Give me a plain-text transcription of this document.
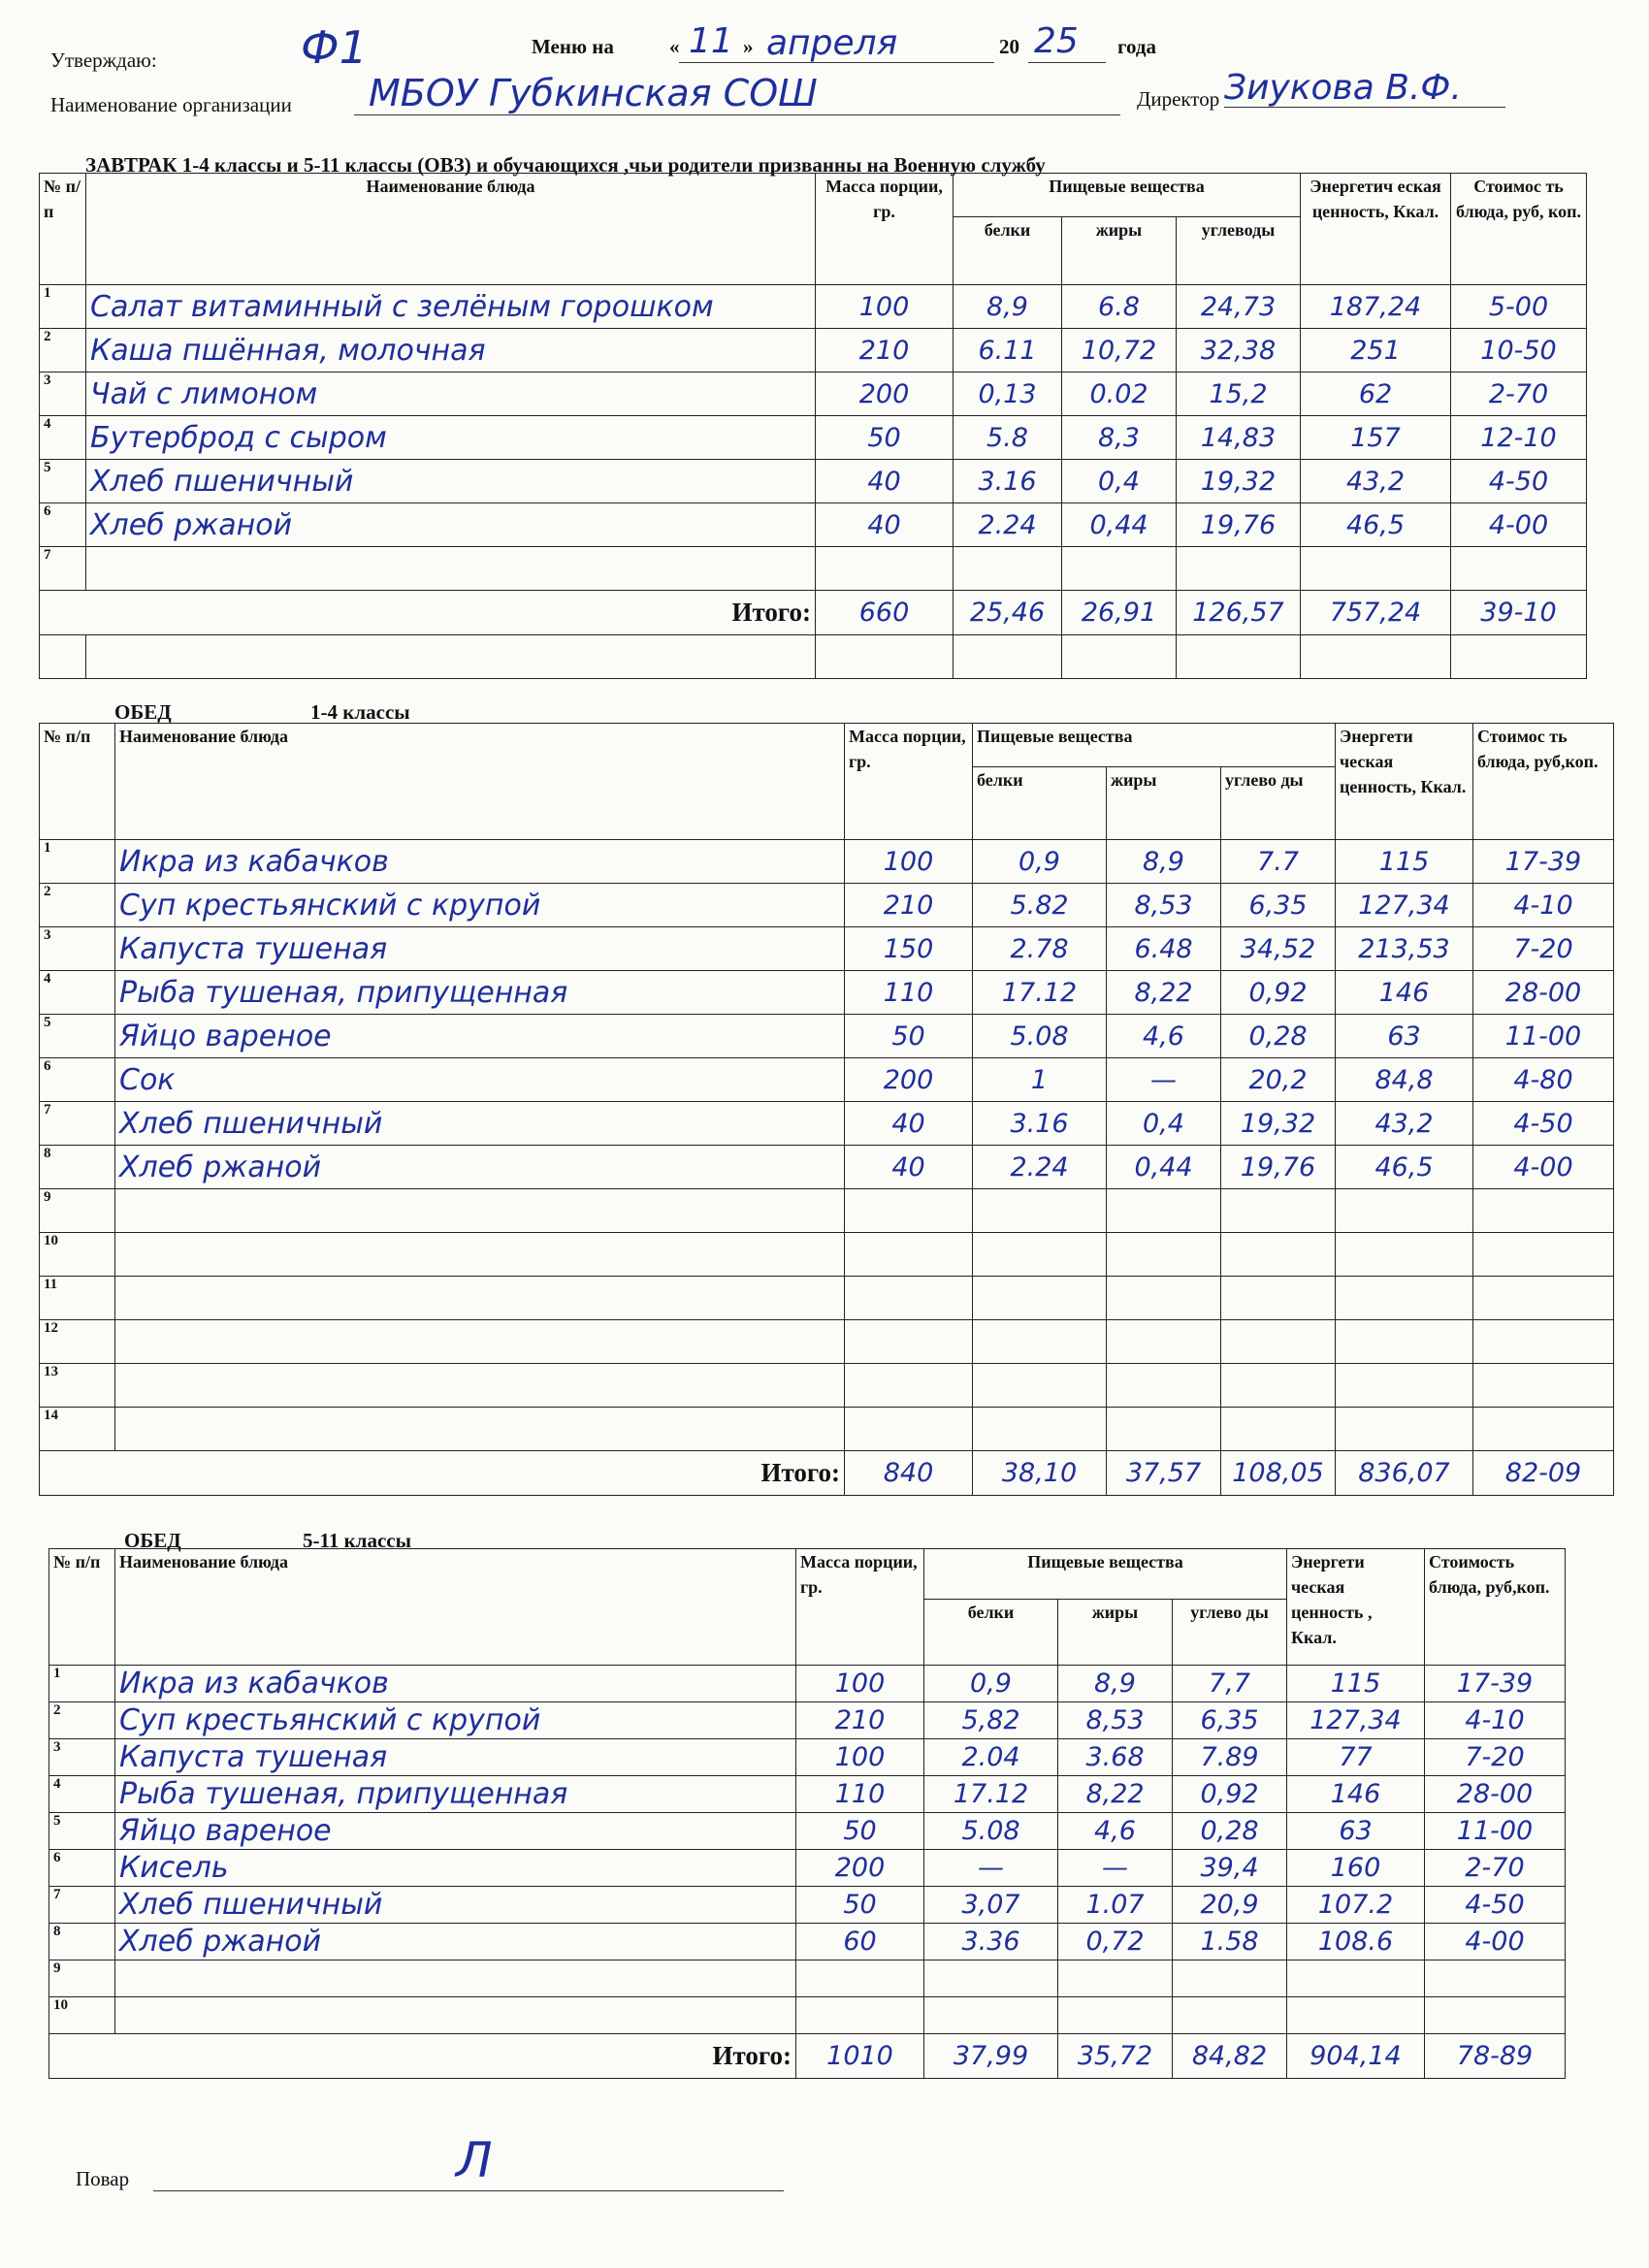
Утверждаю:	Ф1	Меню на	« 11 » апреля	20 25 года
Наименование организации МБОУ Губкинская СОШ	Директор Зиукова В.Ф.
ЗАВТРАК 1-4 классы и 5-11 классы (ОВЗ) и обучающихся ,чьи родители призванны на Военную службу
№ п/п	Наименование блюда	Масса порции, гр.	Пищевые вещества			Энергетич еская ценность, Ккал.	Стоимос ть блюда, руб, коп.
			белки	жиры	углеводы		
1	Салат витаминный с зелёным горошком	100	8,9	6.8	24,73	187,24	5-00
2	Каша пшённая, молочная	210	6.11	10,72	32,38	251	10-50
3	Чай с лимоном	200	0,13	0.02	15,2	62	2-70
4	Бутерброд с сыром	50	5.8	8,3	14,83	157	12-10
5	Хлеб пшеничный	40	3.16	0,4	19,32	43,2	4-50
6	Хлеб ржаной	40	2.24	0,44	19,76	46,5	4-00
7							
Итого:		660	25,46	26,91	126,57	757,24	39-10

ОБЕД	1-4 классы
№ п/п	Наименование блюда	Масса порции, гр.	Пищевые вещества			Энергети ческая ценность, Ккал.	Стоимос ть блюда, руб,коп.
			белки	жиры	углево ды		
1	Икра из кабачков	100	0,9	8,9	7.7	115	17-39
2	Суп крестьянский с крупой	210	5.82	8,53	6,35	127,34	4-10
3	Капуста тушеная	150	2.78	6.48	34,52	213,53	7-20
4	Рыба тушеная, припущенная	110	17.12	8,22	0,92	146	28-00
5	Яйцо вареное	50	5.08	4,6	0,28	63	11-00
6	Сок	200	1	—	20,2	84,8	4-80
7	Хлеб пшеничный	40	3.16	0,4	19,32	43,2	4-50
8	Хлеб ржаной	40	2.24	0,44	19,76	46,5	4-00
9							
10							
11							
12							
13							
14							
Итого:		840	38,10	37,57	108,05	836,07	82-09
ОБЕД	5-11 классы
№ п/п	Наименование блюда	Масса порции, гр.	Пищевые вещества			Энергети ческая ценность , Ккал.	Стоимость блюда, руб,коп.
			белки	жиры	углево ды		
1	Икра из кабачков	100	0,9	8,9	7,7	115	17-39
2	Суп крестьянский с крупой	210	5,82	8,53	6,35	127,34	4-10
3	Капуста тушеная	100	2.04	3.68	7.89	77	7-20
4	Рыба тушеная, припущенная	110	17.12	8,22	0,92	146	28-00
5	Яйцо вареное	50	5.08	4,6	0,28	63	11-00
6	Кисель	200	—	—	39,4	160	2-70
7	Хлеб пшеничный	50	3,07	1.07	20,9	107.2	4-50
8	Хлеб ржаной	60	3.36	0,72	1.58	108.6	4-00
9							
10							
Итого:		1010	37,99	35,72	84,82	904,14	78-89
Повар	Л
